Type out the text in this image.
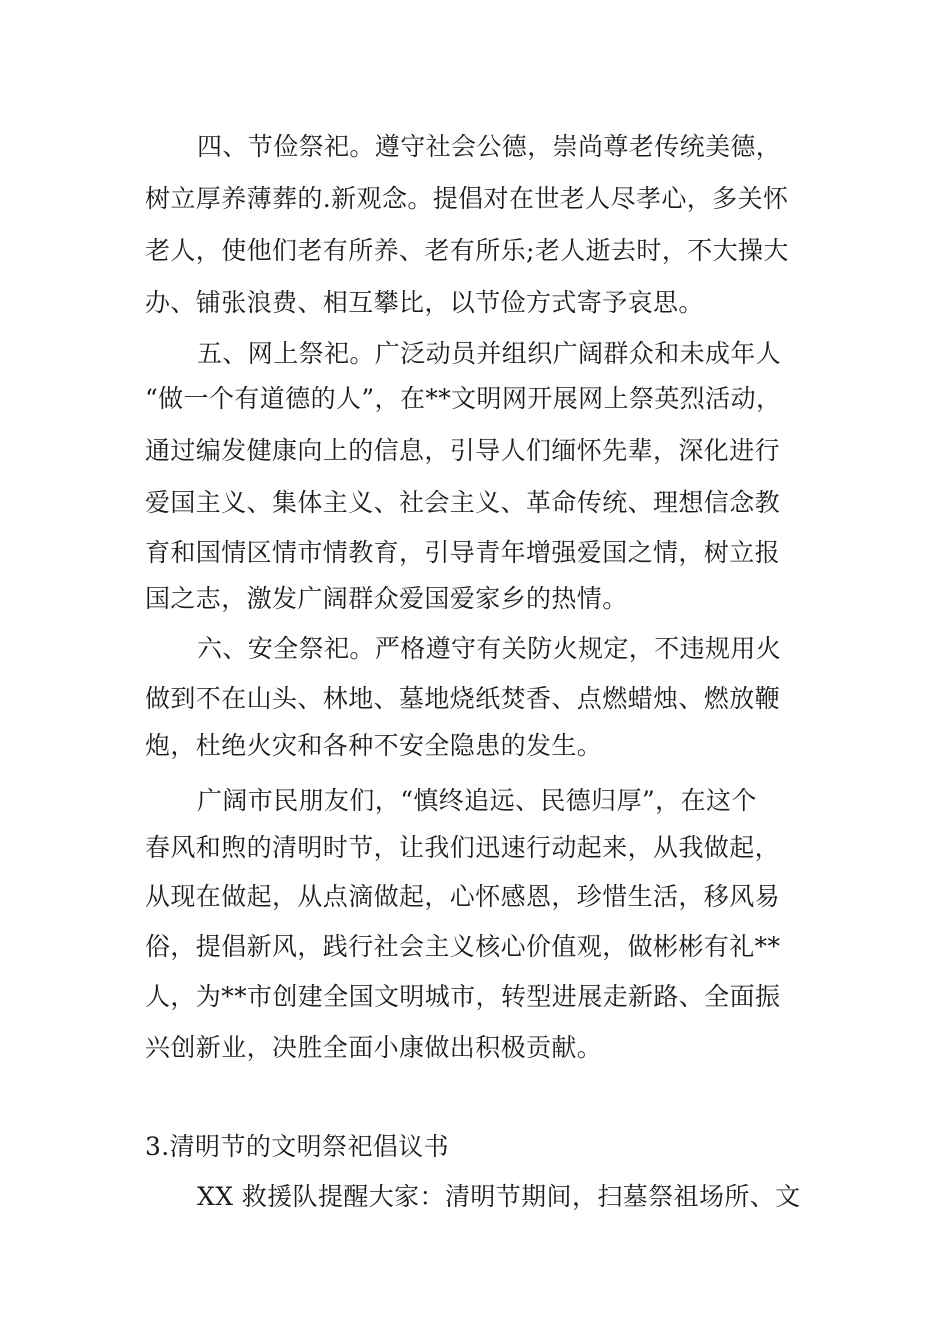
四、节俭祭祀。遵守社会公德，崇尚尊老传统美德，

树立厚养薄葬的.新观念。提倡对在世老人尽孝心，多关怀

老人，使他们老有所养、老有所乐;老人逝去时，不大操大

办、铺张浪费、相互攀比，以节俭方式寄予哀思。

五、网上祭祀。广泛动员并组织广阔群众和未成年人

“做一个有道德的人”，在**文明网开展网上祭英烈活动，

通过编发健康向上的信息，引导人们缅怀先辈，深化进行

爱国主义、集体主义、社会主义、革命传统、理想信念教

育和国情区情市情教育，引导青年增强爱国之情，树立报

国之志，激发广阔群众爱国爱家乡的热情。

六、安全祭祀。严格遵守有关防火规定，不违规用火

做到不在山头、林地、墓地烧纸焚香、点燃蜡烛、燃放鞭

炮，杜绝火灾和各种不安全隐患的发生。

广阔市民朋友们，“慎终追远、民德归厚”，在这个

春风和煦的清明时节，让我们迅速行动起来，从我做起，

从现在做起，从点滴做起，心怀感恩，珍惜生活，移风易

俗，提倡新风，践行社会主义核心价值观，做彬彬有礼**

人，为**市创建全国文明城市，转型进展走新路、全面振

兴创新业，决胜全面小康做出积极贡献。

3.清明节的文明祭祀倡议书

XX 救援队提醒大家：清明节期间，扫墓祭祖场所、文
